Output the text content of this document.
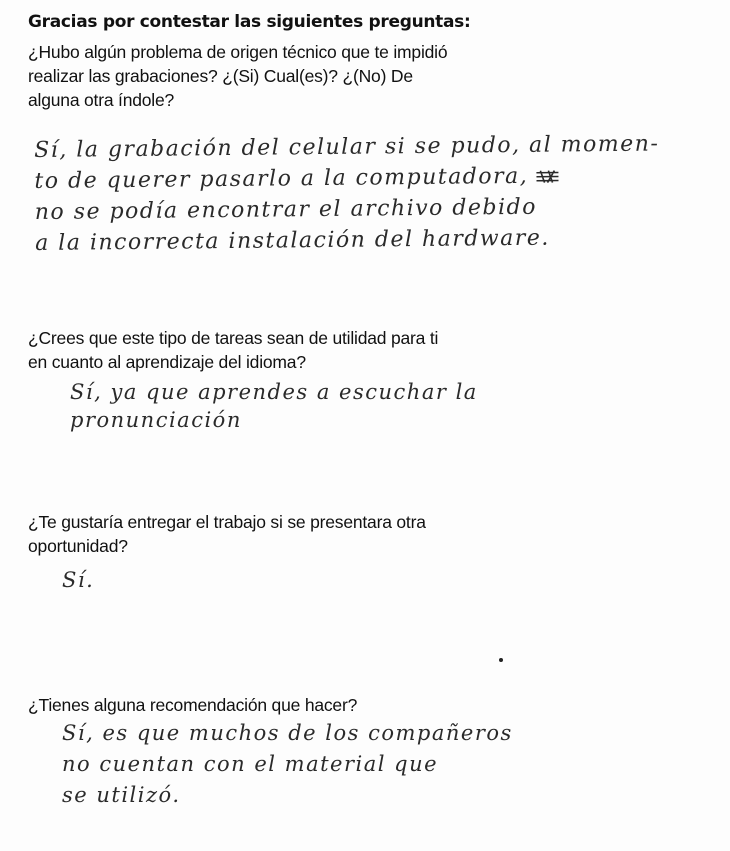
Gracias por contestar las siguientes preguntas:
¿Hubo algún problema de origen técnico que te impidió
realizar las grabaciones? ¿(Si) Cual(es)? ¿(No) De
alguna otra índole?
Sí, la grabación del celular si se pudo, al momen-
to de querer pasarlo a la computadora,
no se podía encontrar el archivo debido
a la incorrecta instalación del hardware.
¿Crees que este tipo de tareas sean de utilidad para ti
en cuanto al aprendizaje del idioma?
Sí, ya que aprendes a escuchar la
pronunciación
¿Te gustaría entregar el trabajo si se presentara otra
oportunidad?
Sí.
¿Tienes alguna recomendación que hacer?
Sí, es que muchos de los compañeros
no cuentan con el material que
se utilizó.
